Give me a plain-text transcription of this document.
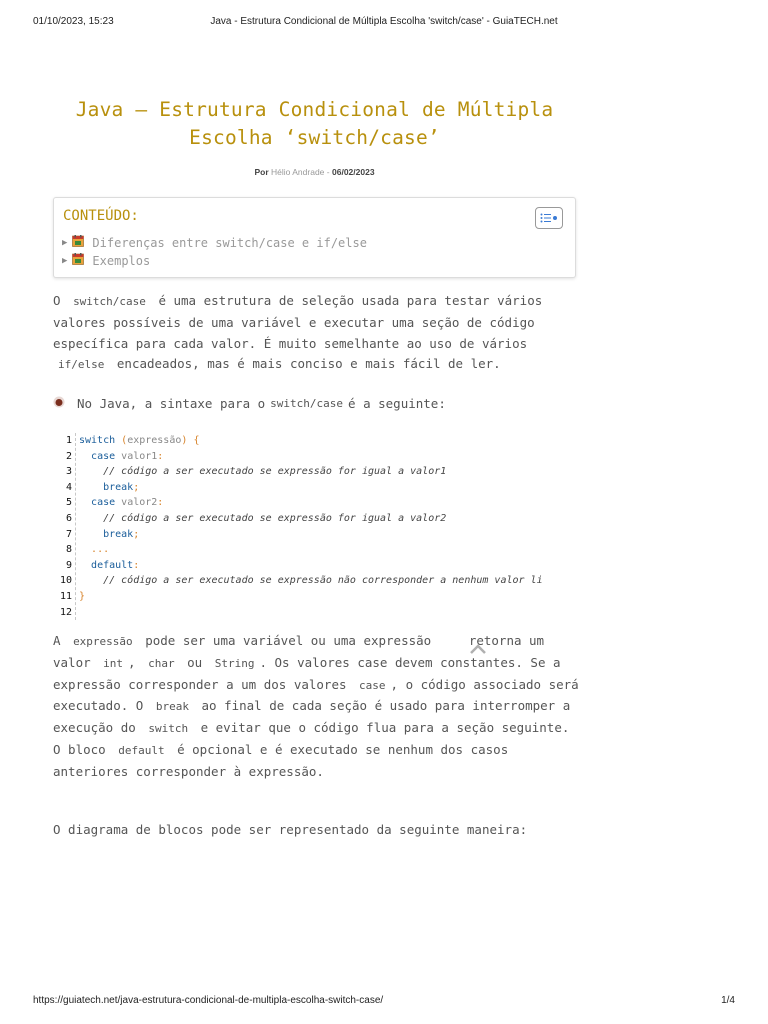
01/10/2023, 15:23	Java - Estrutura Condicional de Múltipla Escolha 'switch/case' - GuiaTECH.net
Java – Estrutura Condicional de Múltipla
Escolha ‘switch/case’
Por Hélio Andrade - 06/02/2023
CONTEÚDO:
▶ Diferenças entre switch/case e if/else
▶ Exemplos
O switch/case é uma estrutura de seleção usada para testar vários valores possíveis de uma variável e executar uma seção de código específica para cada valor. É muito semelhante ao uso de vários if/else encadeados, mas é mais conciso e mais fácil de ler.
No Java, a sintaxe para o switch/case é a seguinte:
1
2
3
4
5
6
7
8
9
10
11
12
switch (expressão) {
case valor1:
// código a ser executado se expressão for igual a valor1
break;
case valor2:
// código a ser executado se expressão for igual a valor2
break;
...
default:
// código a ser executado se expressão não corresponder a nenhum valor li
}
A expressão pode ser uma variável ou uma expressão	retorna um valor int , char ou String . Os valores case devem constantes. Se a expressão corresponder a um dos valores case , o código associado será executado. O break ao final de cada seção é usado para interromper a execução do switch e evitar que o código flua para a seção seguinte. O bloco default é opcional e é executado se nenhum dos casos anteriores corresponder à expressão.
O diagrama de blocos pode ser representado da seguinte maneira:
https://guiatech.net/java-estrutura-condicional-de-multipla-escolha-switch-case/	1/4
